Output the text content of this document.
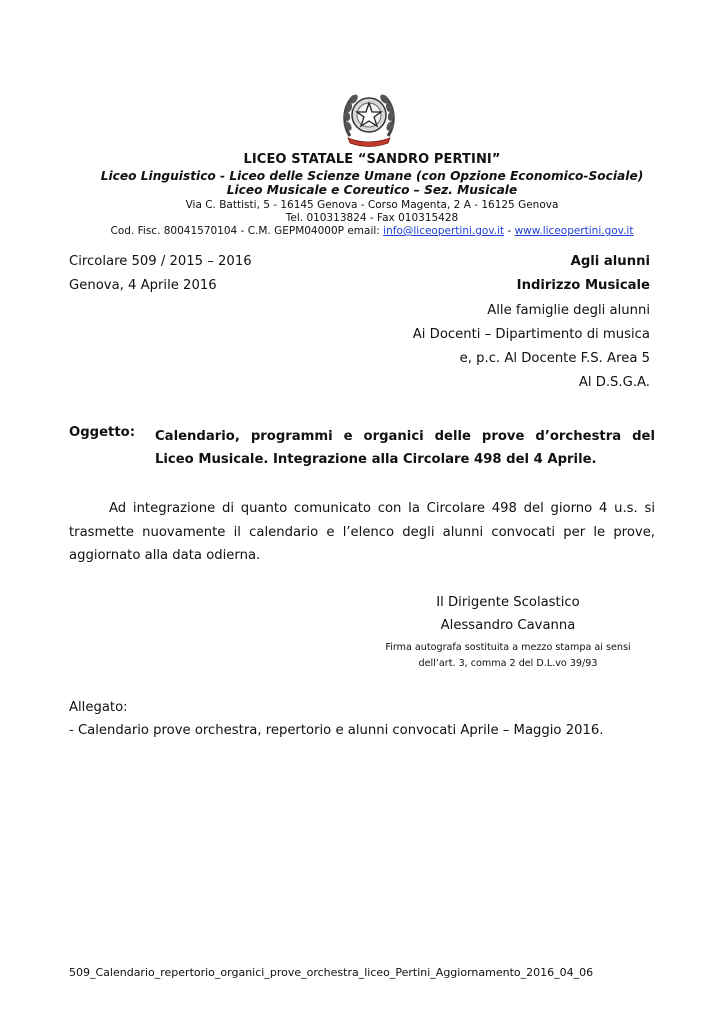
LICEO STATALE “SANDRO PERTINI”
Liceo Linguistico - Liceo delle Scienze Umane (con Opzione Economico-Sociale)
Liceo Musicale e Coreutico – Sez. Musicale
Via C. Battisti, 5 - 16145 Genova - Corso Magenta, 2 A - 16125 Genova
Tel. 010313824 - Fax 010315428
Cod. Fisc. 80041570104 - C.M. GEPM04000P email: info@liceopertini.gov.it - www.liceopertini.gov.it
Circolare 509 / 2015 – 2016
Genova, 4 Aprile 2016
Agli alunni
Indirizzo Musicale
Alle famiglie degli alunni
Ai Docenti – Dipartimento di musica
e, p.c. Al Docente F.S. Area 5
Al D.S.G.A.
Oggetto: Calendario, programmi e organici delle prove d’orchestra del
Liceo Musicale. Integrazione alla Circolare 498 del 4 Aprile.
Ad integrazione di quanto comunicato con la Circolare 498 del giorno 4 u.s. si
trasmette nuovamente il calendario e l’elenco degli alunni convocati per le prove,
aggiornato alla data odierna.
Il Dirigente Scolastico
Alessandro Cavanna
Firma autografa sostituita a mezzo stampa ai sensi
dell’art. 3, comma 2 del D.L.vo 39/93
Allegato:
- Calendario prove orchestra, repertorio e alunni convocati Aprile – Maggio 2016.
509_Calendario_repertorio_organici_prove_orchestra_liceo_Pertini_Aggiornamento_2016_04_06
